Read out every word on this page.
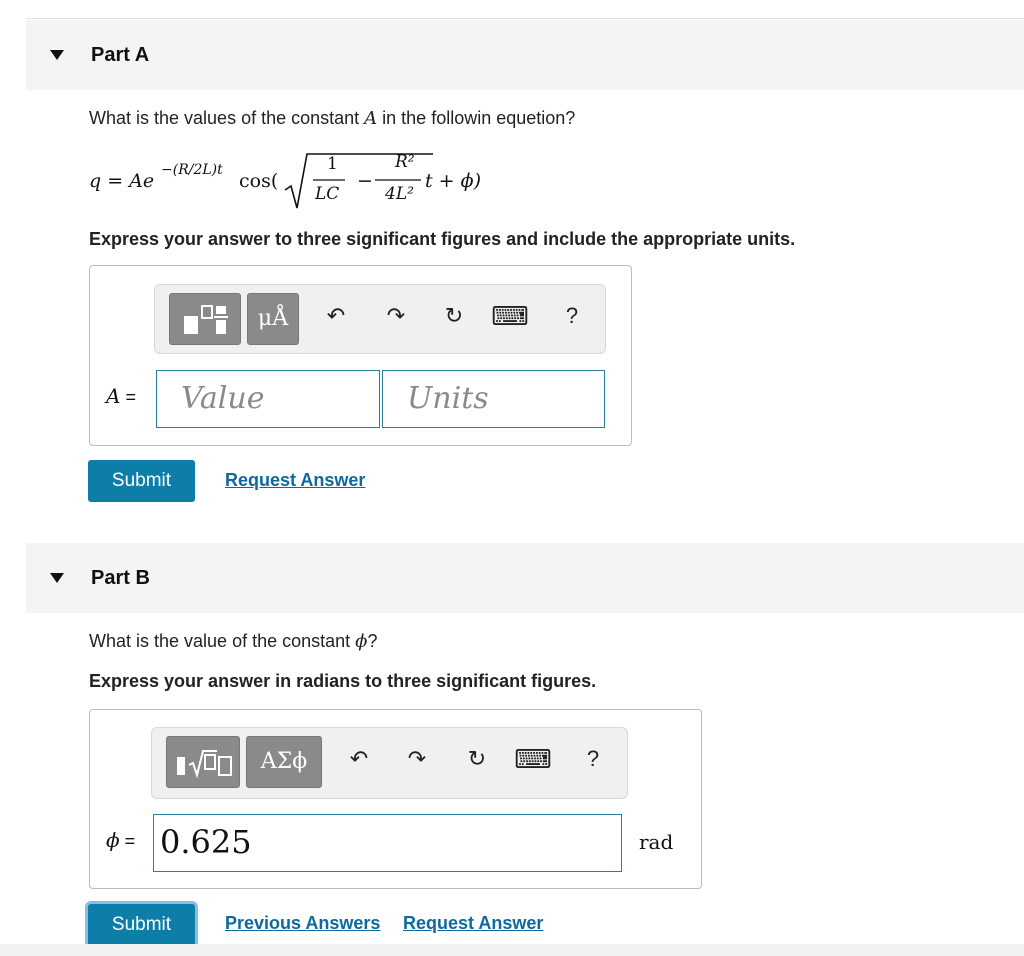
Part A
What is the values of the constant A in the followin equetion?
q = Ae −(R/2L)t cos(
1
LC
−
R²
4L²
t + ϕ)
Express your answer to three significant figures and include the appropriate units.
μÅ	↶ ↷ ↻ ⌨	?
A = Value	Units
Submit	Request Answer
Part B
What is the value of the constant ϕ?
Express your answer in radians to three significant figures.
ΑΣϕ	↶ ↷ ↻ ⌨	?
ϕ = 0.625	rad
Submit	Previous Answers Request Answer
